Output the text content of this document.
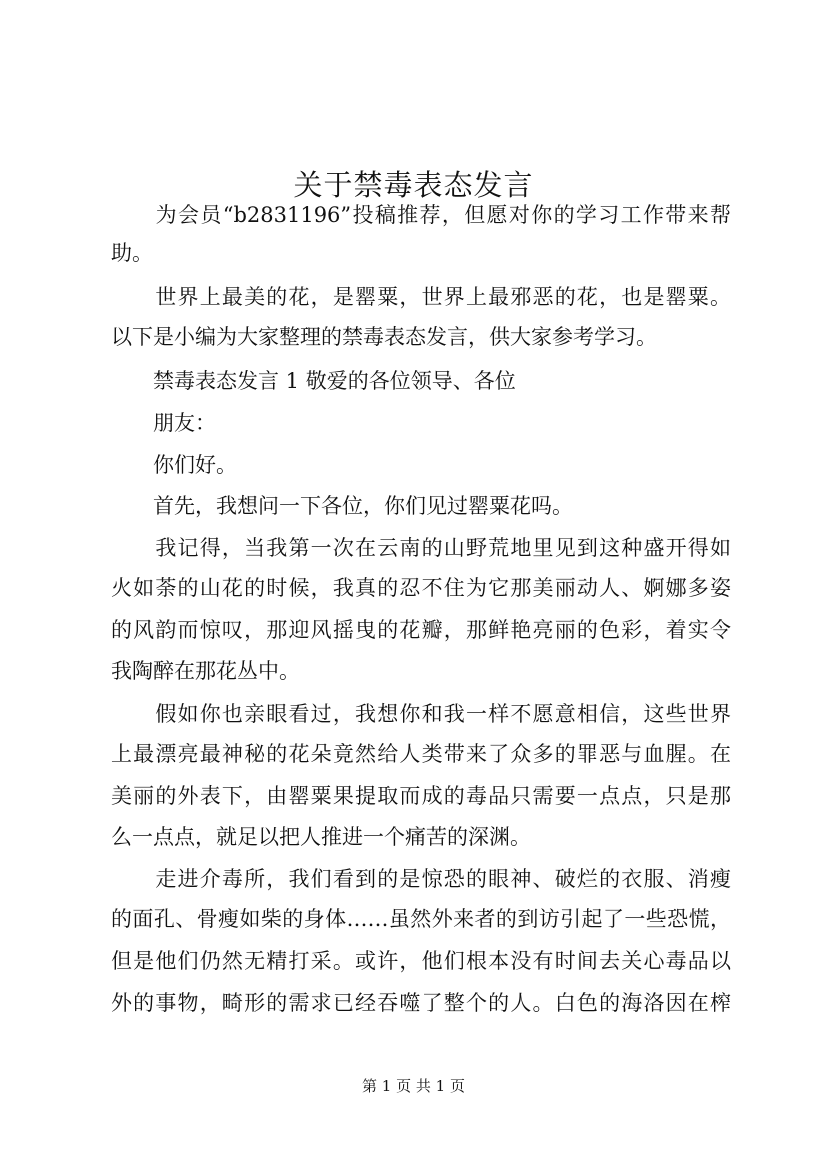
关于禁毒表态发言
　　为会员“b2831196”投稿推荐，但愿对你的学习工作带来帮
助。
　　世界上最美的花，是罂粟，世界上最邪恶的花，也是罂粟。
以下是小编为大家整理的禁毒表态发言，供大家参考学习。
　　禁毒表态发言 1 敬爱的各位领导、各位
　　朋友：
　　你们好。
　　首先，我想问一下各位，你们见过罂粟花吗。
　　我记得，当我第一次在云南的山野荒地里见到这种盛开得如
火如荼的山花的时候，我真的忍不住为它那美丽动人、婀娜多姿
的风韵而惊叹，那迎风摇曳的花瓣，那鲜艳亮丽的色彩，着实令
我陶醉在那花丛中。
　　假如你也亲眼看过，我想你和我一样不愿意相信，这些世界
上最漂亮最神秘的花朵竟然给人类带来了众多的罪恶与血腥。在
美丽的外表下，由罂粟果提取而成的毒品只需要一点点，只是那
么一点点，就足以把人推进一个痛苦的深渊。
　　走进介毒所，我们看到的是惊恐的眼神、破烂的衣服、消瘦
的面孔、骨瘦如柴的身体……虽然外来者的到访引起了一些恐慌，
但是他们仍然无精打采。或许，他们根本没有时间去关心毒品以
外的事物，畸形的需求已经吞噬了整个的人。白色的海洛因在榨
第 1 页 共 1 页
